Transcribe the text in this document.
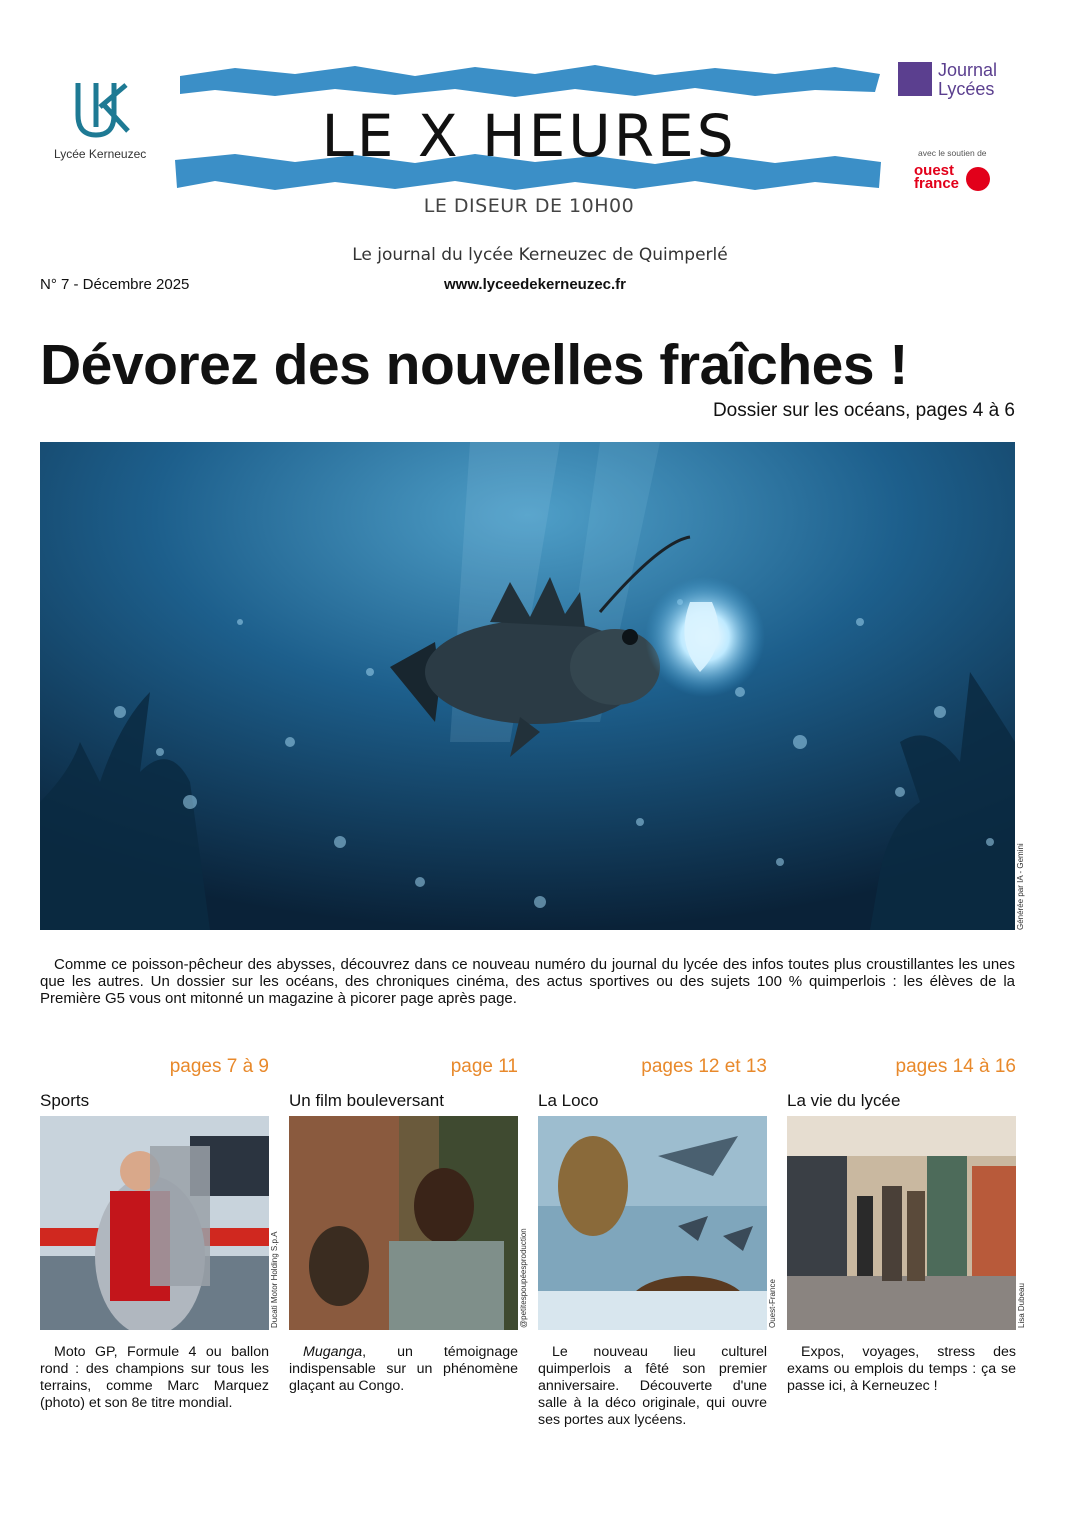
Lycée Kerneuzec	LE X HEURES
LE DISEUR DE 10H00
Journal
Lycées
avec le soutien de
ouest
france
Le journal du lycée Kerneuzec de Quimperlé
N° 7 - Décembre 2025	www.lyceedekerneuzec.fr
Dévorez des nouvelles fraîches !
Dossier sur les océans, pages 4 à 6
Générée par IA - Gemini
Comme ce poisson-pêcheur des abysses, découvrez dans ce nouveau numéro du journal du lycée des infos toutes plus croustillantes les unes que les autres. Un dossier sur les océans, des chroniques cinéma, des actus sportives ou des sujets 100 % quimperlois : les élèves de la Première G5 vous ont mitonné un magazine à picorer page après page.
pages 7 à 9
Sports
Moto GP, Formule 4 ou ballon rond : des champions sur tous les terrains, comme Marc Marquez (photo) et son 8e titre mondial.
Ducati Motor Holding S.p.A
page 11
Un film bouleversant
Muganga, un témoignage indispensable sur un phénomène glaçant au Congo.
@petitespoupéesproduction
pages 12 et 13
La Loco
Le nouveau lieu culturel quimperlois a fêté son premier anniversaire. Découverte d'une salle à la déco originale, qui ouvre ses portes aux lycéens.
Ouest-France
pages 14 à 16
La vie du lycée
Expos, voyages, stress des exams ou emplois du temps : ça se passe ici, à Kerneuzec !
Lisa Dubeau
